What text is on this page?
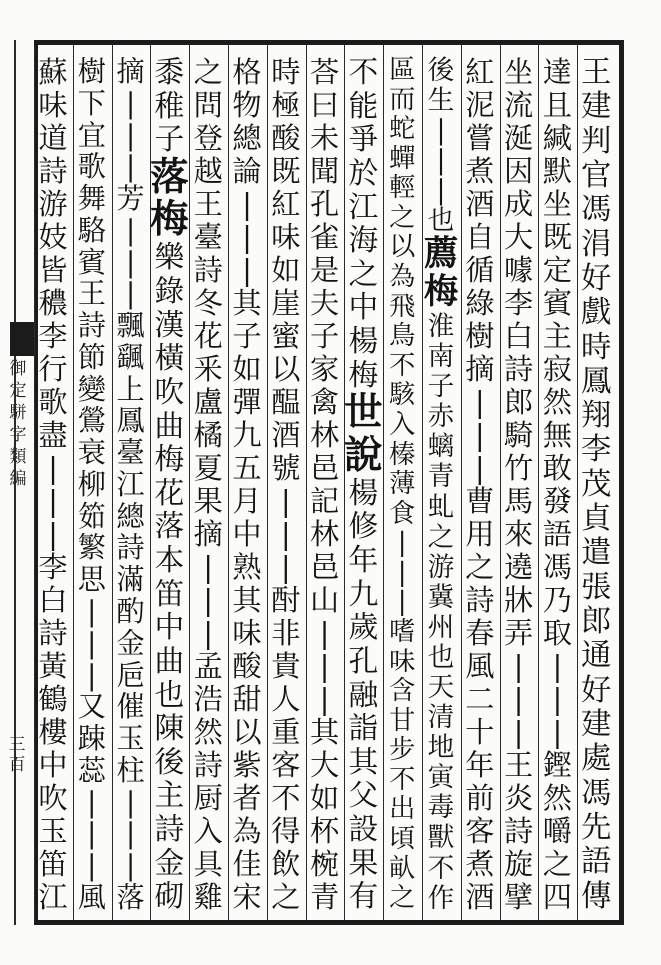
御
定
駢
字
類
編
三
百
王
建
判
官
馮
涓
好
戲
時
鳳
翔
李
茂
貞
遣
張
郎
通
好
建
處
馮
先
語
傳
達
且
緘
默
坐
既
定
賓
主
寂
然
無
敢
發
語
馮
乃
取
|
|
|
鏗
然
嚼
之
四
坐
流
涎
因
成
大
噱
李
白
詩
郎
騎
竹
馬
來
遶
牀
弄
|
|
|
王
炎
詩
旋
擘
紅
泥
嘗
煮
酒
自
循
綠
樹
摘
|
|
|
曹
用
之
詩
春
風
二
十
年
前
客
煮
酒
後
生
|
|
|
也
薦
梅
淮
南
子
赤
螭
青
虬
之
游
冀
州
也
天
清
地
寅
毒
獸
不
作
區
而
蛇
蟬
輕
之
以
為
飛
鳥
不
駭
入
榛
薄
食
|
|
|
嗜
味
含
甘
步
不
出
頃
畒
之
不
能
爭
於
江
海
之
中
楊
梅
世
說
楊
修
年
九
歲
孔
融
詣
其
父
設
果
有
荅
曰
未
聞
孔
雀
是
夫
子
家
禽
林
邑
記
林
邑
山
|
|
|
其
大
如
杯
椀
青
時
極
酸
既
紅
味
如
崖
蜜
以
醖
酒
號
|
|
|
酎
非
貴
人
重
客
不
得
飲
之
格
物
總
論
|
|
|
其
子
如
彈
九
五
月
中
熟
其
味
酸
甜
以
紫
者
為
佳
宋
之
問
登
越
王
臺
詩
冬
花
釆
盧
橘
夏
果
摘
|
|
|
孟
浩
然
詩
厨
入
具
雞
黍
稚
子
落
梅
樂
錄
漢
橫
吹
曲
梅
花
落
本
笛
中
曲
也
陳
後
主
詩
金
砌
摘
|
|
|
芳
|
|
|
飄
颻
上
鳳
臺
江
總
詩
滿
酌
金
巵
催
玉
柱
|
|
|
落
樹
下
宜
歌
舞
駱
賓
王
詩
節
變
鶯
衰
柳
筎
繁
思
|
|
|
又
踈
蕊
|
|
|
風
蘇
味
道
詩
游
妓
皆
穠
李
行
歌
盡
|
|
|
李
白
詩
黃
鶴
樓
中
吹
玉
笛
江
